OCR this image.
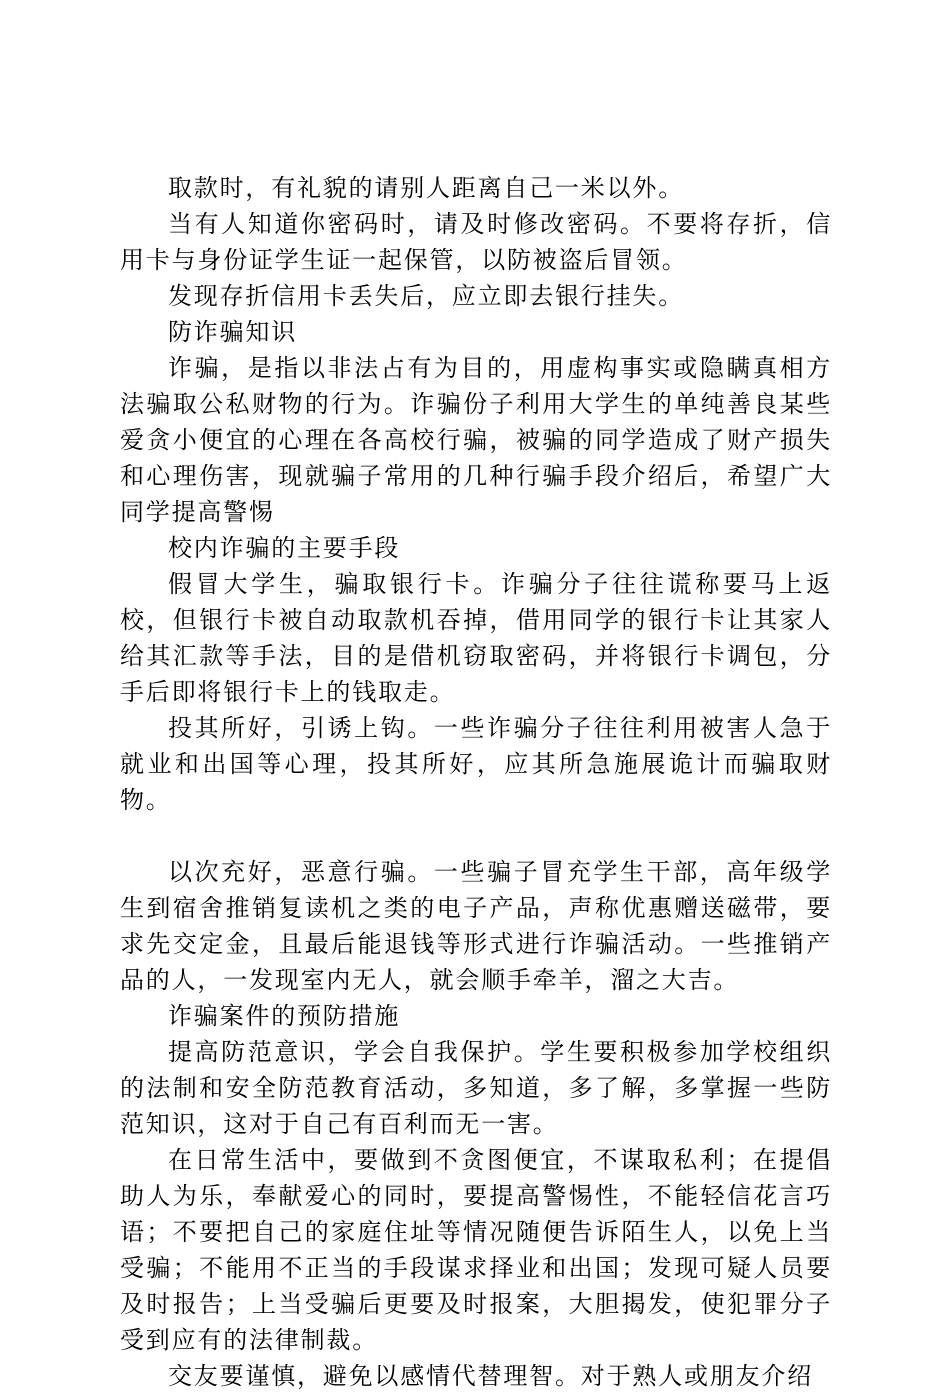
取款时，有礼貌的请别人距离自己一米以外。

当有人知道你密码时，请及时修改密码。不要将存折，信用卡与身份证学生证一起保管，以防被盗后冒领。

发现存折信用卡丢失后，应立即去银行挂失。

防诈骗知识

诈骗，是指以非法占有为目的，用虚构事实或隐瞒真相方法骗取公私财物的行为。诈骗份子利用大学生的单纯善良某些爱贪小便宜的心理在各高校行骗，被骗的同学造成了财产损失和心理伤害，现就骗子常用的几种行骗手段介绍后，希望广大同学提高警惕

校内诈骗的主要手段

假冒大学生，骗取银行卡。诈骗分子往往谎称要马上返校，但银行卡被自动取款机吞掉，借用同学的银行卡让其家人给其汇款等手法，目的是借机窃取密码，并将银行卡调包，分手后即将银行卡上的钱取走。

投其所好，引诱上钩。一些诈骗分子往往利用被害人急于就业和出国等心理，投其所好，应其所急施展诡计而骗取财物。

以次充好，恶意行骗。一些骗子冒充学生干部，高年级学生到宿舍推销复读机之类的电子产品，声称优惠赠送磁带，要求先交定金，且最后能退钱等形式进行诈骗活动。一些推销产品的人，一发现室内无人，就会顺手牵羊，溜之大吉。

诈骗案件的预防措施

提高防范意识，学会自我保护。学生要积极参加学校组织的法制和安全防范教育活动，多知道，多了解，多掌握一些防范知识，这对于自己有百利而无一害。

在日常生活中，要做到不贪图便宜，不谋取私利；在提倡助人为乐，奉献爱心的同时，要提高警惕性，不能轻信花言巧语；不要把自己的家庭住址等情况随便告诉陌生人，以免上当受骗；不能用不正当的手段谋求择业和出国；发现可疑人员要及时报告；上当受骗后更要及时报案，大胆揭发，使犯罪分子受到应有的法律制裁。

交友要谨慎，避免以感情代替理智。对于熟人或朋友介绍
